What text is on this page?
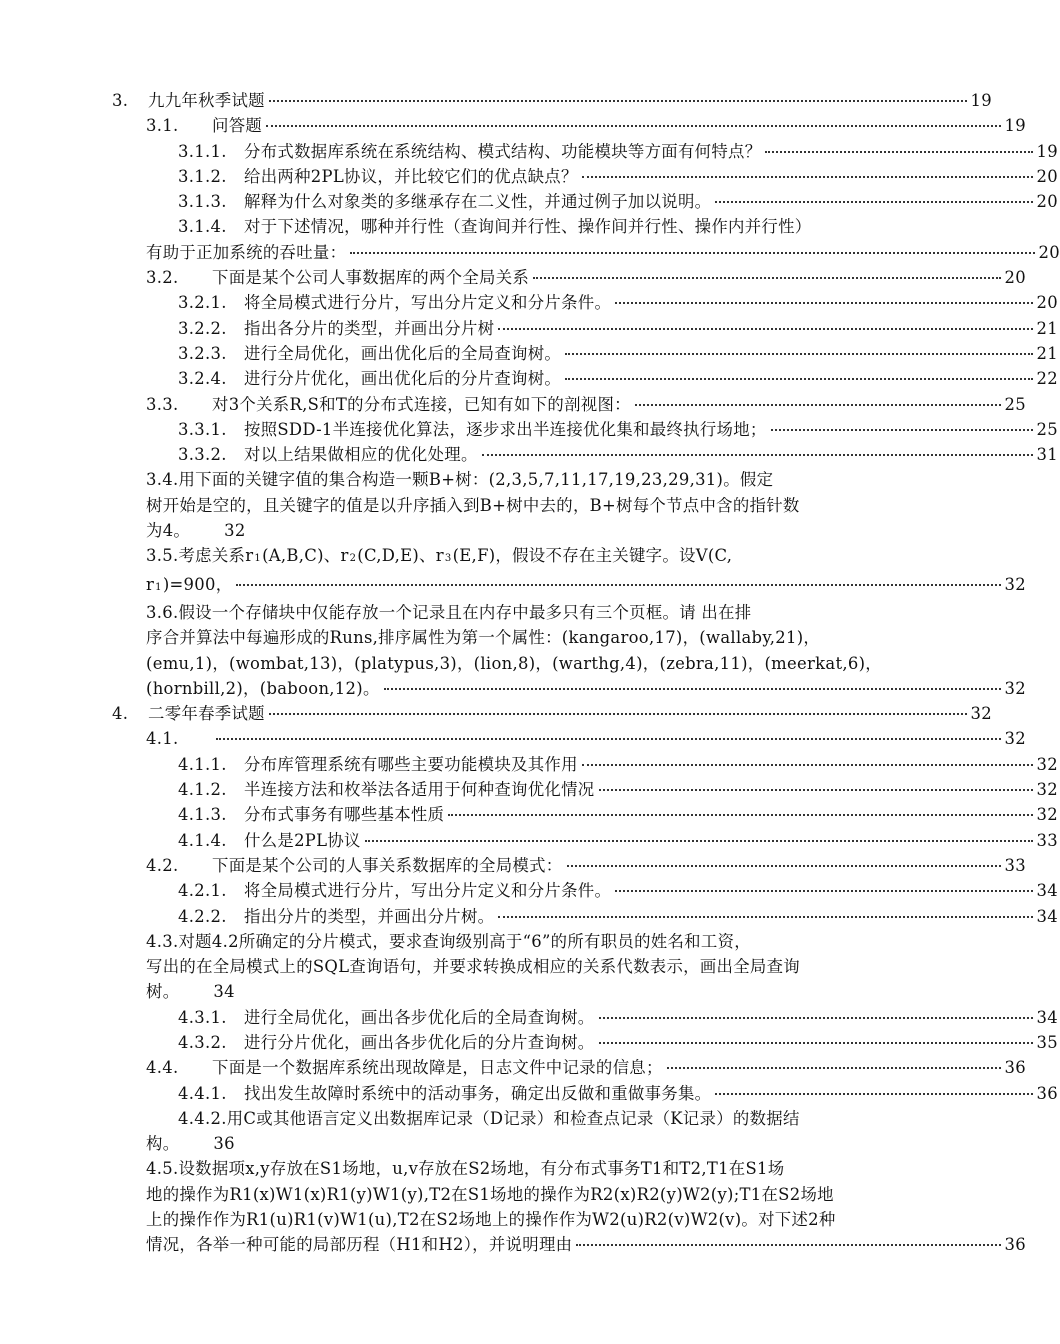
3.	九九年秋季试题	19
3.1.	问答题	19
3.1.1.	分布式数据库系统在系统结构、模式结构、功能模块等方面有何特点？	19
3.1.2.	给出两种2PL协议，并比较它们的优点缺点？	20
3.1.3.	解释为什么对象类的多继承存在二义性，并通过例子加以说明。	20
3.1.4.	对于下述情况，哪种并行性（查询间并行性、操作间并行性、操作内并行性）
有助于正加系统的吞吐量：	20
3.2.	下面是某个公司人事数据库的两个全局关系	20
3.2.1.	将全局模式进行分片，写出分片定义和分片条件。	20
3.2.2.	指出各分片的类型，并画出分片树	21
3.2.3.	进行全局优化，画出优化后的全局查询树。	21
3.2.4.	进行分片优化，画出优化后的分片查询树。	22
3.3.	对3个关系R,S和T的分布式连接，已知有如下的剖视图：	25
3.3.1.	按照SDD-1半连接优化算法，逐步求出半连接优化集和最终执行场地；	25
3.3.2.	对以上结果做相应的优化处理。	31
3.4. 用下面的关键字值的集合构造一颗B+树：(2,3,5,7,11,17,19,23,29,31)。假定
树开始是空的，且关键字的值是以升序插入到B+树中去的，B+树每个节点中含的指针数
为4。 32
3.5. 考虑关系r 1 (A,B,C)、r 2 (C,D,E)、r 3 (E,F)，假设不存在主关键字。设V(C,
r 1 )=900，	32
3.6. 假设一个存储块中仅能存放一个记录且在内存中最多只有三个页框。请 出在排
序合并算法中每遍形成的Runs,排序属性为第一个属性：(kangaroo,17)，(wallaby,21)，
(emu,1)，(wombat,13)，(platypus,3)，(lion,8)，(warthg,4)，(zebra,11)，(meerkat,6)，
(hornbill,2)，(baboon,12)。	32
4.	二零年春季试题	32
4.1.	32
4.1.1.	分布库管理系统有哪些主要功能模块及其作用	32
4.1.2.	半连接方法和枚举法各适用于何种查询优化情况	32
4.1.3.	分布式事务有哪些基本性质	32
4.1.4.	什么是2PL协议	33
4.2.	下面是某个公司的人事关系数据库的全局模式：	33
4.2.1.	将全局模式进行分片，写出分片定义和分片条件。	34
4.2.2.	指出分片的类型，并画出分片树。	34
4.3. 对题4.2所确定的分片模式，要求查询级别高于“6”的所有职员的姓名和工资，
写出的在全局模式上的SQL查询语句，并要求转换成相应的关系代数表示，画出全局查询
树。 34
4.3.1.	进行全局优化，画出各步优化后的全局查询树。	34
4.3.2.	进行分片优化，画出各步优化后的分片查询树。	35
4.4.	下面是一个数据库系统出现故障是，日志文件中记录的信息；	36
4.4.1.	找出发生故障时系统中的活动事务，确定出反做和重做事务集。	36
4.4.2. 用C或其他语言定义出数据库记录（D记录）和检查点记录（K记录）的数据结
构。 36
4.5. 设数据项x,y存放在S1场地，u,v存放在S2场地，有分布式事务T1和T2,T1在S1场
地的操作为R1(x)W1(x)R1(y)W1(y),T2在S1场地的操作为R2(x)R2(y)W2(y);T1在S2场地
上的操作作为R1(u)R1(v)W1(u),T2在S2场地上的操作作为W2(u)R2(v)W2(v)。对下述2种
情况，各举一种可能的局部历程（H1和H2），并说明理由	36
